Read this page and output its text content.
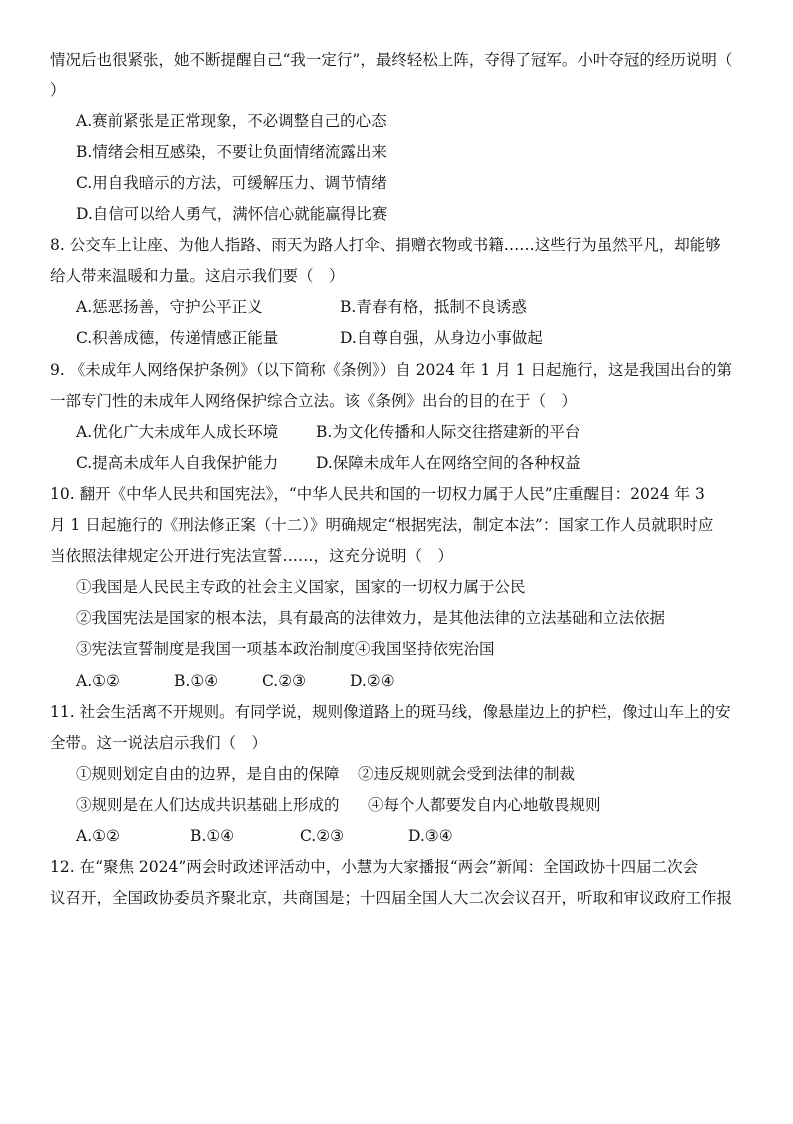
情况后也很紧张，她不断提醒自己“我一定行”，最终轻松上阵，夺得了冠军。小叶夺冠的经历说明（
）
A.赛前紧张是正常现象，不必调整自己的心态
B.情绪会相互感染，不要让负面情绪流露出来
C.用自我暗示的方法，可缓解压力、调节情绪
D.自信可以给人勇气，满怀信心就能赢得比赛
8. 公交车上让座、为他人指路、雨天为路人打伞、捐赠衣物或书籍……这些行为虽然平凡，却能够
给人带来温暖和力量。这启示我们要（　）
A.惩恶扬善，守护公平正义	B.青春有格，抵制不良诱惑
C.积善成德，传递情感正能量	D.自尊自强，从身边小事做起
9. 《未成年人网络保护条例》（以下简称《条例》）自 2024 年 1 月 1 日起施行，这是我国出台的第
一部专门性的未成年人网络保护综合立法。该《条例》出台的目的在于（　）
A.优化广大未成年人成长环境 B.为文化传播和人际交往搭建新的平台
C.提高未成年人自我保护能力 D.保障未成年人在网络空间的各种权益
10. 翻开《中华人民共和国宪法》，“中华人民共和国的一切权力属于人民”庄重醒目：2024 年 3
月 1 日起施行的《刑法修正案（十二）》明确规定“根据宪法，制定本法”：国家工作人员就职时应
当依照法律规定公开进行宪法宣誓……，这充分说明（　）
①我国是人民民主专政的社会主义国家，国家的一切权力属于公民
②我国宪法是国家的根本法，具有最高的法律效力，是其他法律的立法基础和立法依据
③宪法宣誓制度是我国一项基本政治制度④我国坚持依宪治国
A.①②	B.①④	C.②③	D.②④
11. 社会生活离不开规则。有同学说，规则像道路上的斑马线，像悬崖边上的护栏，像过山车上的安
全带。这一说法启示我们（　）
①规则划定自由的边界，是自由的保障 ②违反规则就会受到法律的制裁
③规则是在人们达成共识基础上形成的 ④每个人都要发自内心地敬畏规则
A.①②	B.①④	C.②③	D.③④
12. 在“聚焦 2024”两会时政述评活动中，小慧为大家播报“两会”新闻：全国政协十四届二次会
议召开，全国政协委员齐聚北京，共商国是；十四届全国人大二次会议召开，听取和审议政府工作报
